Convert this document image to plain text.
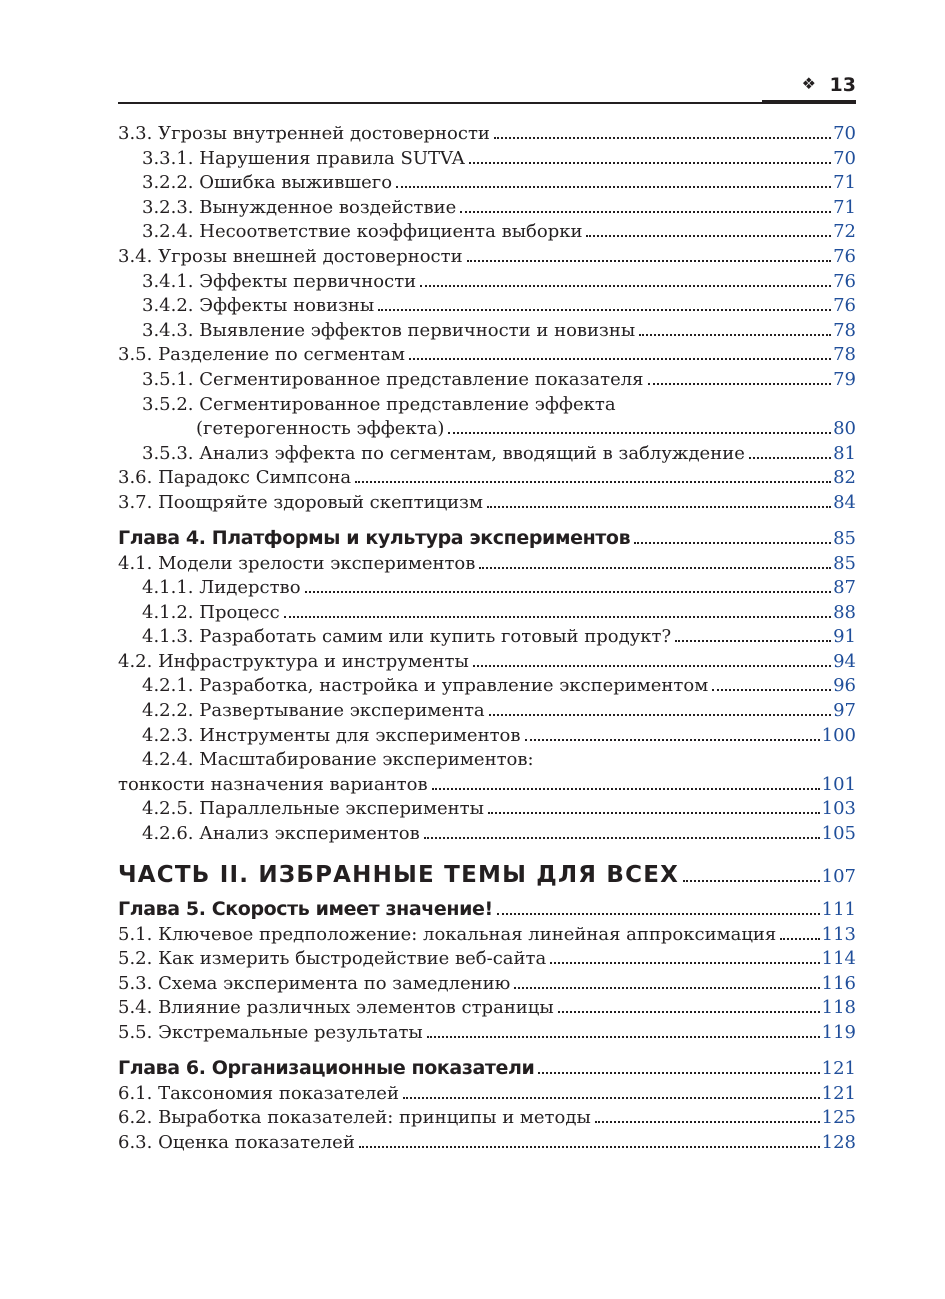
❖ 13
3.3. Угрозы внутренней достоверности	70
3.3.1. Нарушения правила SUTVA	70
3.2.2. Ошибка выжившего	71
3.2.3. Вынужденное воздействие	71
3.2.4. Несоответствие коэффициента выборки	72
3.4. Угрозы внешней достоверности	76
3.4.1. Эффекты первичности	76
3.4.2. Эффекты новизны	76
3.4.3. Выявление эффектов первичности и новизны	78
3.5. Разделение по сегментам	78
3.5.1. Сегментированное представление показателя	79
3.5.2. Сегментированное представление эффекта
(гетерогенность эффекта)	80
3.5.3. Анализ эффекта по сегментам, вводящий в заблуждение	81
3.6. Парадокс Симпсона	82
3.7. Поощряйте здоровый скептицизм	84
Глава 4. Платформы и культура экспериментов	85
4.1. Модели зрелости экспериментов	85
4.1.1. Лидерство	87
4.1.2. Процесс	88
4.1.3. Разработать самим или купить готовый продукт?	91
4.2. Инфраструктура и инструменты	94
4.2.1. Разработка, настройка и управление экспериментом	96
4.2.2. Развертывание эксперимента	97
4.2.3. Инструменты для экспериментов	100
4.2.4. Масштабирование экспериментов:
тонкости назначения вариантов	101
4.2.5. Параллельные эксперименты	103
4.2.6. Анализ экспериментов	105
ЧАСТЬ II. ИЗБРАННЫЕ ТЕМЫ ДЛЯ ВСЕХ	107
Глава 5. Скорость имеет значение!	111
5.1. Ключевое предположение: локальная линейная аппроксимация	113
5.2. Как измерить быстродействие веб-сайта	114
5.3. Схема эксперимента по замедлению	116
5.4. Влияние различных элементов страницы	118
5.5. Экстремальные результаты	119
Глава 6. Организационные показатели	121
6.1. Таксономия показателей	121
6.2. Выработка показателей: принципы и методы	125
6.3. Оценка показателей	128
